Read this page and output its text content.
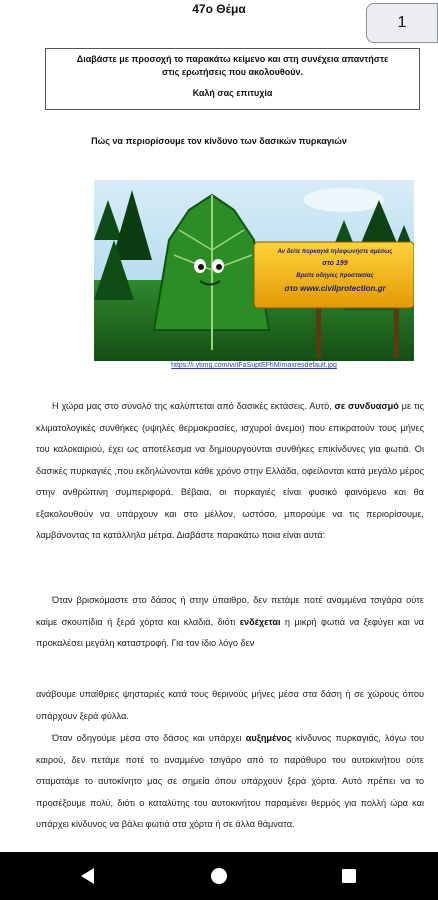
47ο Θέμα
1
Διαβάστε με προσοχή το παρακάτω κείμενο και στη συνέχεια απαντήστε
στις ερωτήσεις που ακολουθούν.
Καλή σας επιτυχία
Πώς να περιορίσουμε τον κίνδυνο των δασικών πυρκαγιών
Αν δείτε πυρκαγιά τηλεφωνήστε αμέσως
στο 199
Βρείτε οδηγίες προστασίας
στο www.civilprotection.gr
https://i.ytimg.com/vi/tFaSuptEFhM/maxresdefault.jpg
Η χώρα μας στο σύνολό της καλύπτεται από δασικές εκτάσεις. Αυτό, σε συνδυασμό με τις κλιματολογικές συνθήκες (υψηλές θερμοκρασίες, ισχυροί άνεμοι) που επικρατούν τους μήνες του καλοκαιριού, έχει ως αποτέλεσμα να δημιουργούνται συνθήκες επικίνδυνες για φωτιά. Οι δασικές πυρκαγιές ,που εκδηλώνονται κάθε χρόνο στην Ελλάδα, οφείλονται κατά μεγάλο μέρος στην ανθρώπινη συμπεριφορά. Βέβαια, οι πυρκαγιές είναι φυσικό φαινόμενο και θα εξακολουθούν να υπάρχουν και στο μέλλον, ωστόσο, μπορούμε να τις περιορίσουμε, λαμβάνοντας τα κατάλληλα μέτρα. Διαβάστε παρακάτω ποια είναι αυτά:
Όταν βρισκόμαστε στο δάσος ή στην ύπαιθρο, δεν πετάμε ποτέ αναμμένα τσιγάρα ούτε καίμε σκουπίδια ή ξερά χόρτα και κλαδιά, διότι ενδέχεται η μικρή φωτιά να ξεφύγει και να προκαλέσει μεγάλη καταστροφή. Για τον ίδιο λόγο δεν
ανάβουμε υπαίθριες ψησταριές κατά τους θερινούς μήνες μέσα στα δάση ή σε χώρους όπου υπάρχουν ξερά φύλλα.
Όταν οδηγούμε μέσα στο δάσος και υπάρχει αυξημένος κίνδυνος πυρκαγιάς, λόγω του καιρού, δεν πετάμε ποτέ το αναμμένο τσιγάρο από το παράθυρο του αυτοκινήτου ούτε σταματάμε το αυτοκίνητο μας σε σημεία όπου υπάρχουν ξερά χόρτα. Αυτό πρέπει να το προσέξουμε πολύ, διότι ο καταλύτης του αυτοκινήτου παραμένει θερμός για πολλή ώρα και υπάρχει κίνδυνος να βάλει φωτιά στα χόρτα ή σε άλλα θάμνατα.
